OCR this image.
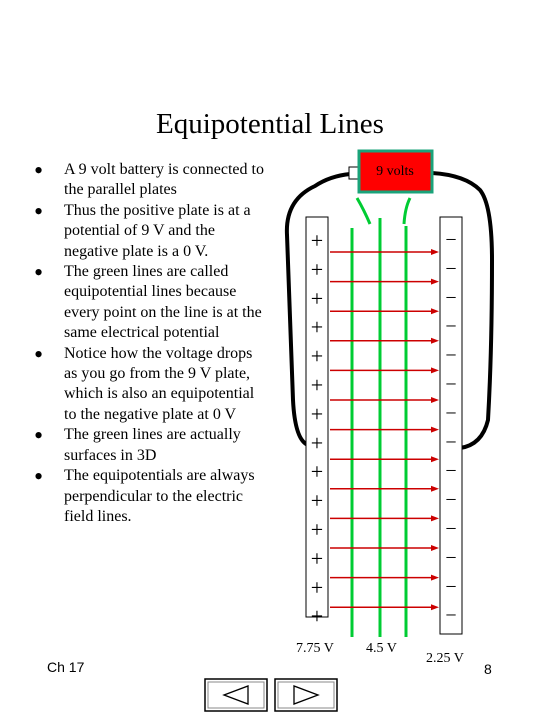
Equipotential Lines
• A 9 volt battery is connected to the parallel plates
• Thus the positive plate is at a potential of 9 V and the negative plate is a 0 V.
• The green lines are called equipotential lines because every point on the line is at the same electrical potential
• Notice how the voltage drops as you go from the 9 V plate, which is also an equipotential to the negative plate at 0 V
• The green lines are actually surfaces in 3D
• The equipotentials are always perpendicular to the electric field lines.
9 volts
+
+
+
+
+
+
+
+
+
+
+
+
+
+
−
−
−
−
−
−
−
−
−
−
−
−
−
−
7.75 V 4.5 V
2.25 V
Ch 17	8
